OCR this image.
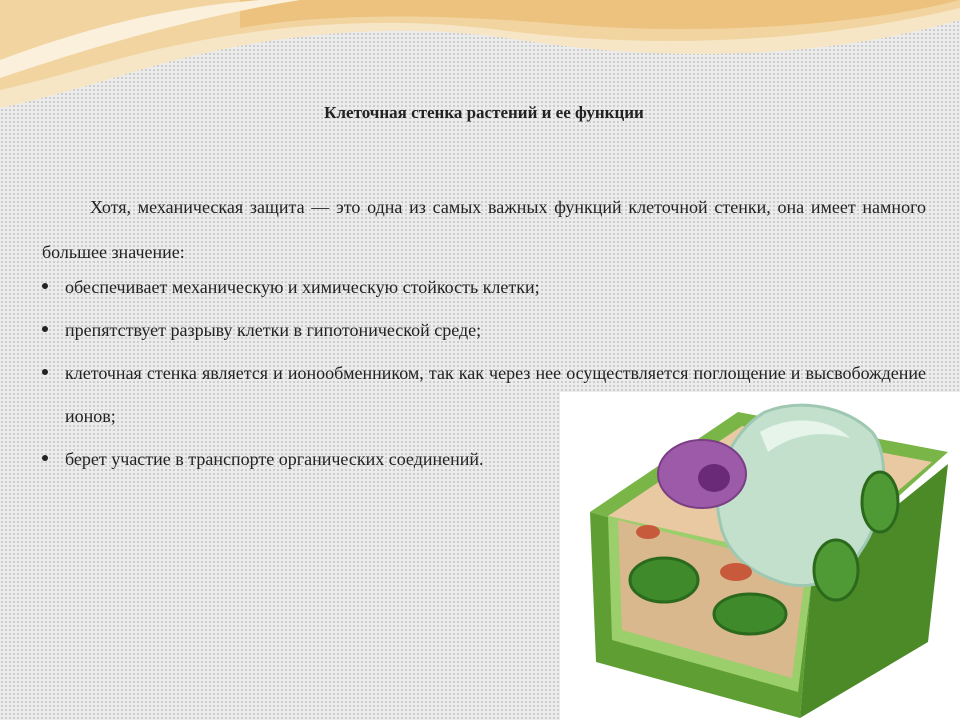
Клеточная стенка растений и ее функции

Хотя, механическая защита — это одна из самых важных функций клеточной стенки, она имеет намного большее значение:

обеспечивает механическую и химическую стойкость клетки;
препятствует разрыву клетки в гипотонической среде;
клеточная стенка является и ионообменником, так как через нее осуществляется поглощение и высвобождение ионов;
берет участие в транспорте органических соединений.
